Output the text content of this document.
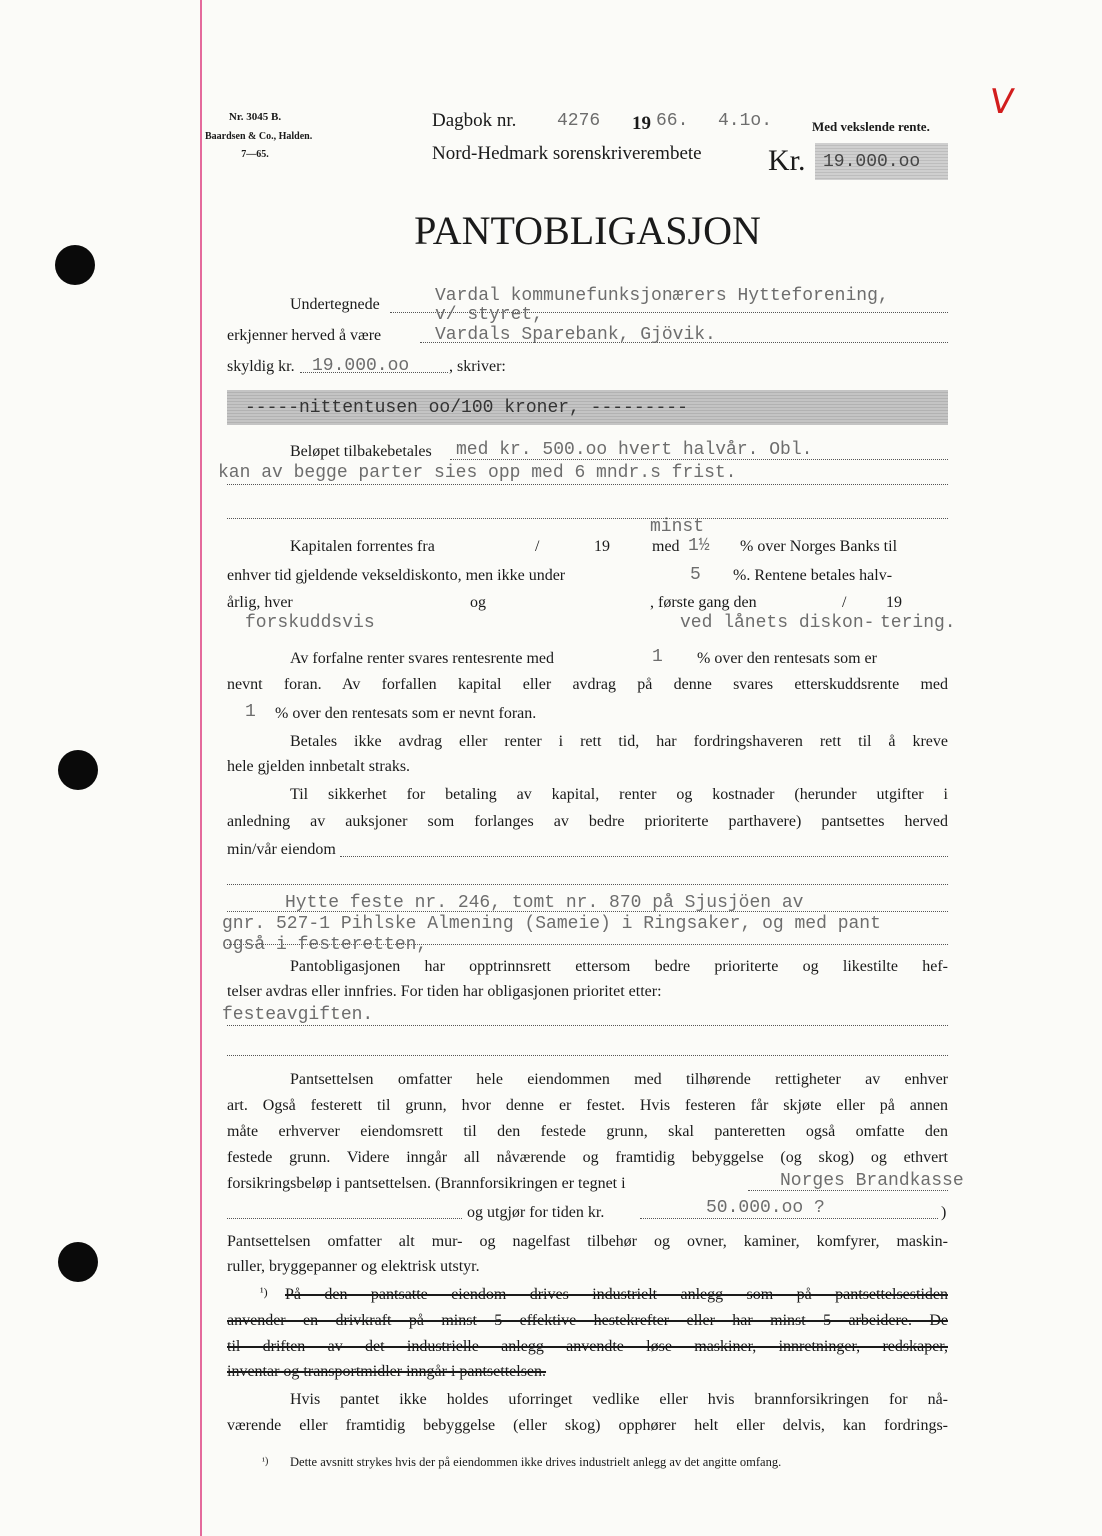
V
Nr. 3045 B.
Baardsen & Co., Halden.
7—65.
Dagbok nr. 4276 19 66. 4.1o.	Med vekslende rente.
Nord-Hedmark sorenskriverembete Kr. 19.000.oo
PANTOBLIGASJON
Undertegnede	Vardal kommunefunksjonærers Hytteforening,
v/ styret,
erkjenner herved å være	Vardals Sparebank, Gjövik.
skyldig kr. 19.000.oo , skriver:
-----nittentusen oo/100 kroner, ---------
Beløpet tilbakebetales med kr. 500.oo hvert halvår. Obl.
kan av begge parter sies opp med 6 mndr.s frist.
minst
Kapitalen forrentes fra	/	19	med 1½ % over Norges Banks til
enhver tid gjeldende vekseldiskonto, men ikke under	5 %. Rentene betales halv-
årlig, hver	og	, første gang den	/ 19
forskuddsvis	ved lånets diskon- tering.
Av forfalne renter svares rentesrente med	1 % over den rentesats som er
nevnt foran. Av forfallen kapital eller avdrag på denne svares etterskuddsrente med
1 % over den rentesats som er nevnt foran.
Betales ikke avdrag eller renter i rett tid, har fordringshaveren rett til å kreve
hele gjelden innbetalt straks.
Til sikkerhet for betaling av kapital, renter og kostnader (herunder utgifter i
anledning av auksjoner som forlanges av bedre prioriterte parthavere) pantsettes herved
min/vår eiendom
Hytte feste nr. 246, tomt nr. 870 på Sjusjöen av
gnr. 527-1 Pihlske Almening (Sameie) i Ringsaker, og med pant
også i festeretten,
Pantobligasjonen har opptrinnsrett ettersom bedre prioriterte og likestilte hef-
telser avdras eller innfries. For tiden har obligasjonen prioritet etter:
festeavgiften.
Pantsettelsen omfatter hele eiendommen med tilhørende rettigheter av enhver
art. Også festerett til grunn, hvor denne er festet. Hvis festeren får skjøte eller på annen
måte erhverver eiendomsrett til den festede grunn, skal panteretten også omfatte den
festede grunn. Videre inngår all nåværende og framtidig bebyggelse (og skog) og ethvert
forsikringsbeløp i pantsettelsen. (Brannforsikringen er tegnet i	Norges Brandkasse
og utgjør for tiden kr.	50.000.oo ?	)
Pantsettelsen omfatter alt mur- og nagelfast tilbehør og ovner, kaminer, komfyrer, maskin-
ruller, bryggepanner og elektrisk utstyr.
¹) På den pantsatte eiendom drives industrielt anlegg som på pantsettelsestiden
anvender en drivkraft på minst 5 effektive hestekrefter eller har minst 5 arbeidere. De
til driften av det industrielle anlegg anvendte løse maskiner, innretninger, redskaper,
inventar og transportmidler inngår i pantsettelsen.
Hvis pantet ikke holdes uforringet vedlike eller hvis brannforsikringen for nå-
værende eller framtidig bebyggelse (eller skog) opphører helt eller delvis, kan fordrings-
¹) Dette avsnitt strykes hvis der på eiendommen ikke drives industrielt anlegg av det angitte omfang.
